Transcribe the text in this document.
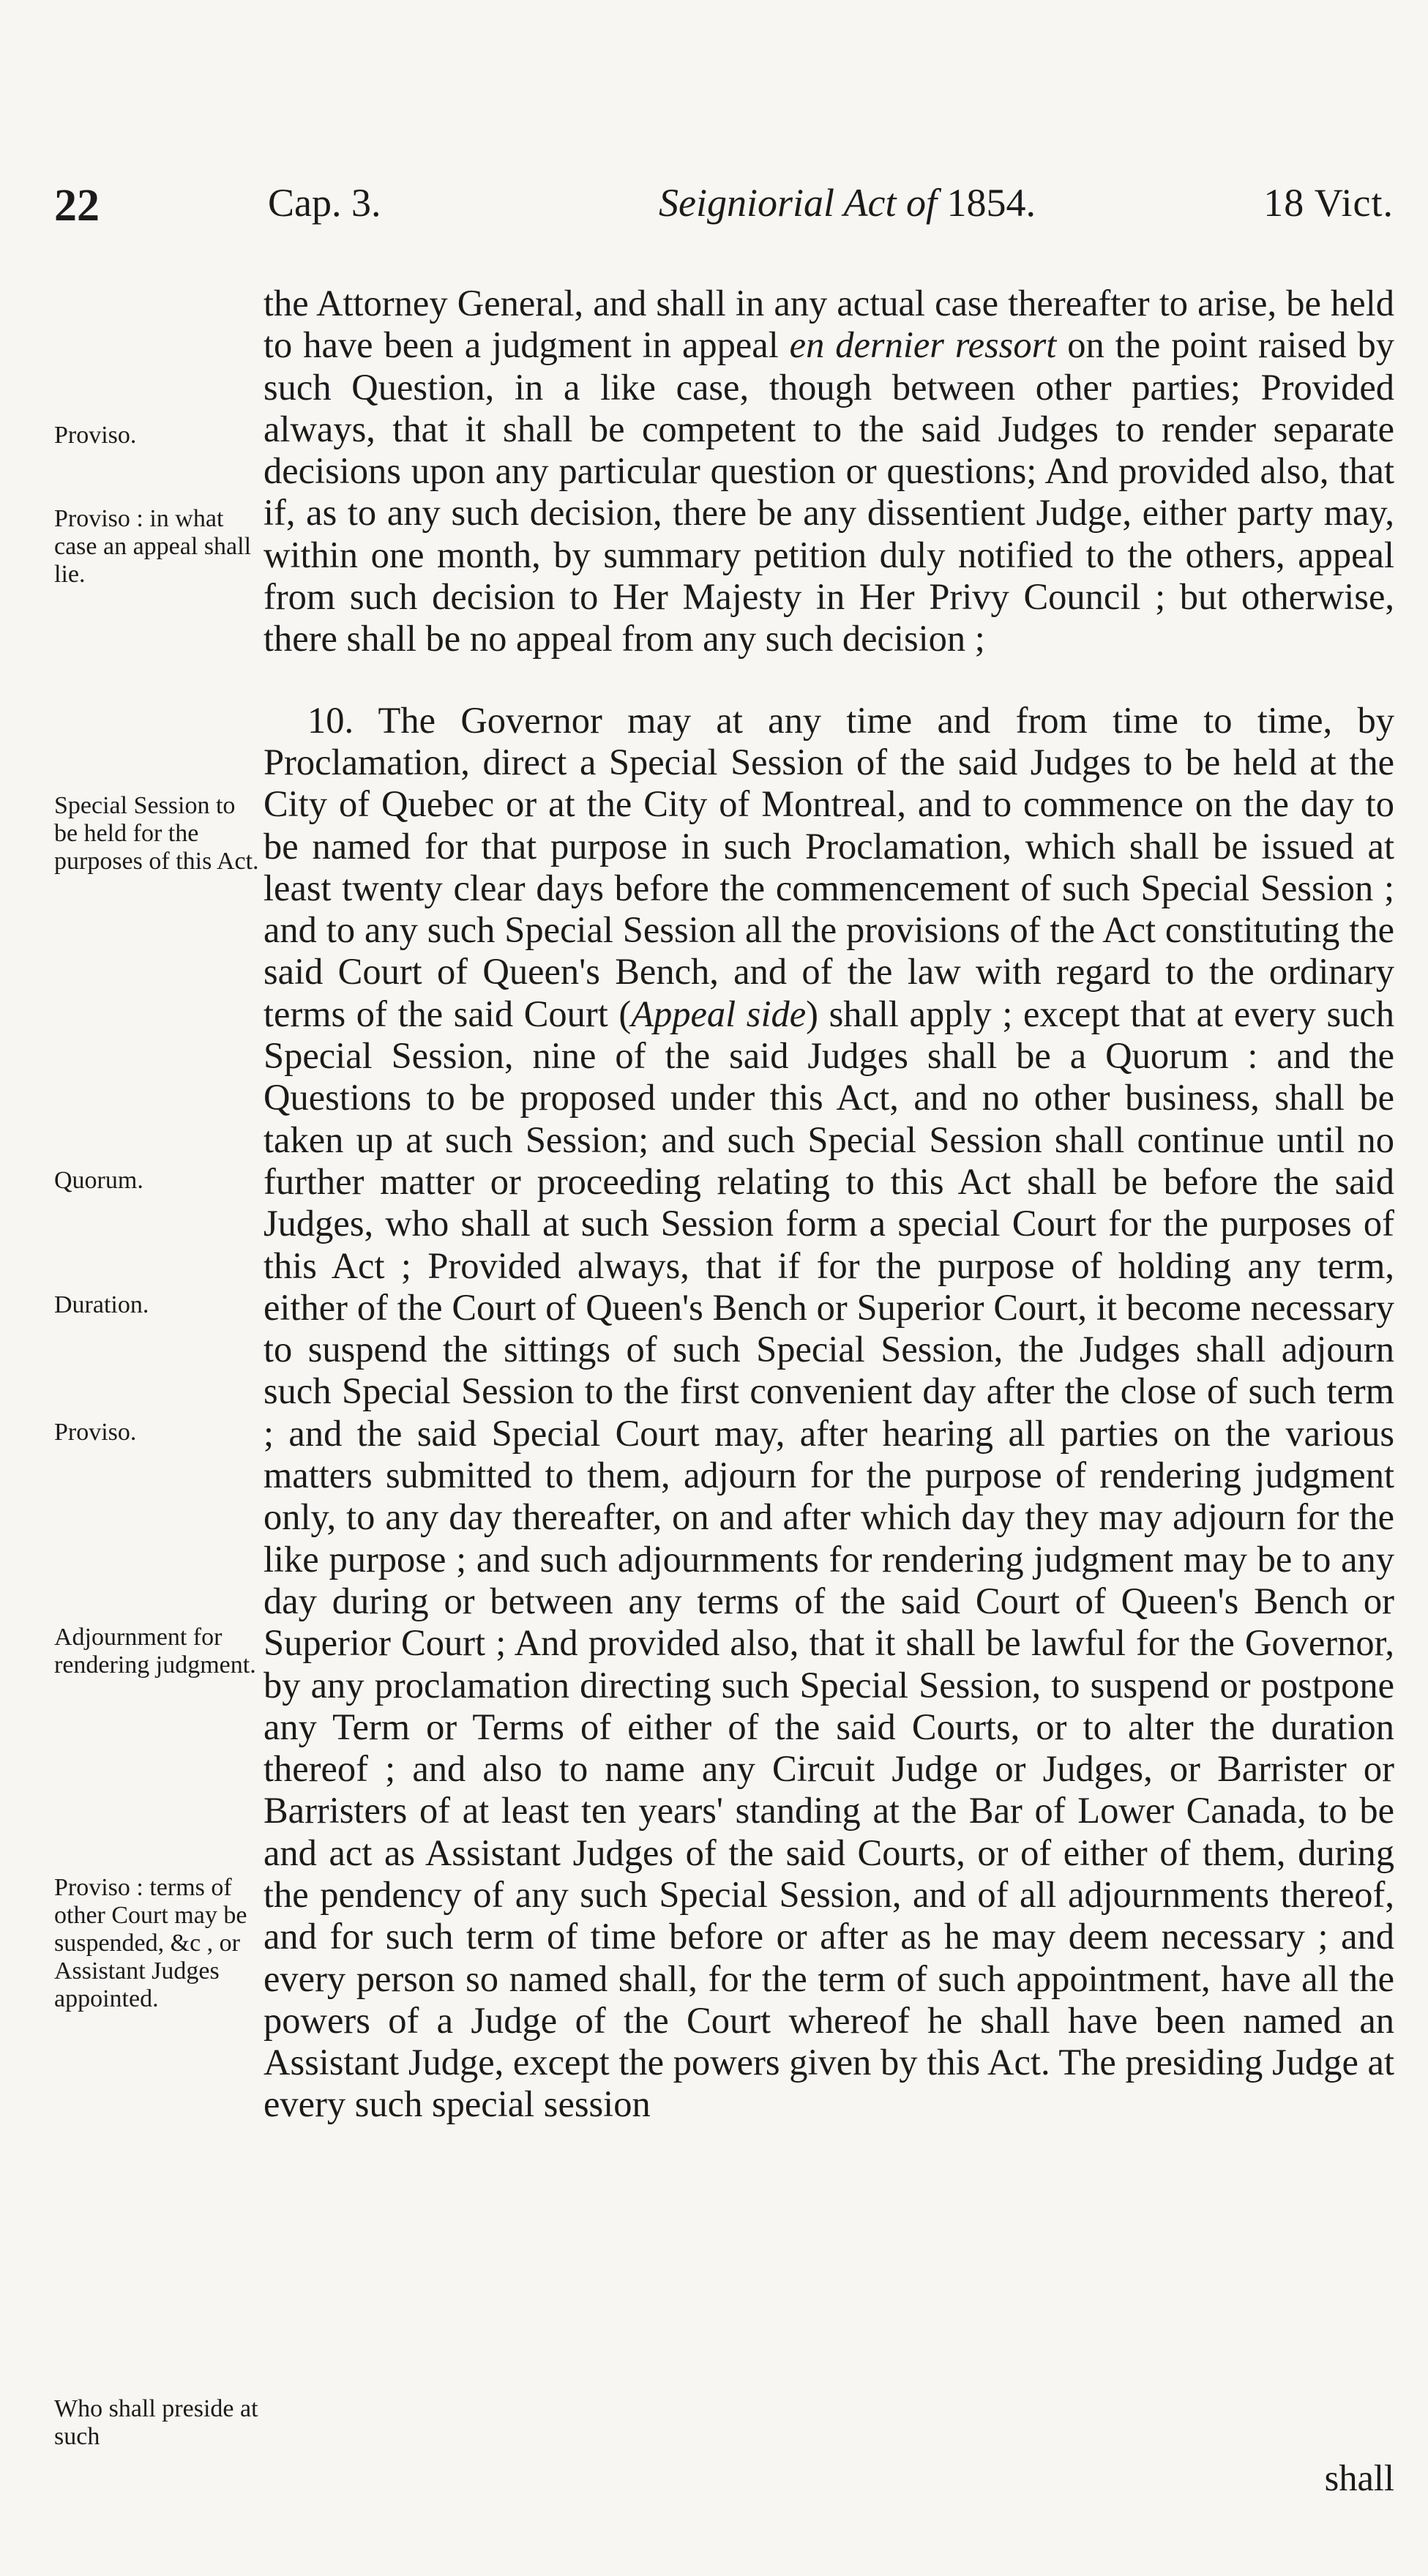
22	Cap. 3.	Seigniorial Act of 1854.	18 Vict.

the Attorney General, and shall in any actual case thereafter to arise, be held to have been a judgment in appeal en dernier ressort on the point raised by such Question, in a like case, though between other parties; Provided always, that it shall be competent to the said Judges to render separate decisions upon any particular question or questions; And provided also, that if, as to any such decision, there be any dissentient Judge, either party may, within one month, by summary petition duly notified to the others, appeal from such decision to Her Majesty in Her Privy Council ; but otherwise, there shall be no appeal from any such decision ;

10. The Governor may at any time and from time to time, by Proclamation, direct a Special Session of the said Judges to be held at the City of Quebec or at the City of Montreal, and to commence on the day to be named for that purpose in such Proclamation, which shall be issued at least twenty clear days before the commencement of such Special Session ; and to any such Special Session all the provisions of the Act constituting the said Court of Queen's Bench, and of the law with regard to the ordinary terms of the said Court (Appeal side) shall apply ; except that at every such Special Session, nine of the said Judges shall be a Quorum : and the Questions to be proposed under this Act, and no other business, shall be taken up at such Session; and such Special Session shall continue until no further matter or proceeding relating to this Act shall be before the said Judges, who shall at such Session form a special Court for the purposes of this Act ; Provided always, that if for the purpose of holding any term, either of the Court of Queen's Bench or Superior Court, it become necessary to suspend the sittings of such Special Session, the Judges shall adjourn such Special Session to the first convenient day after the close of such term ; and the said Special Court may, after hearing all parties on the various matters submitted to them, adjourn for the purpose of rendering judgment only, to any day thereafter, on and after which day they may adjourn for the like purpose ; and such adjournments for rendering judgment may be to any day during or between any terms of the said Court of Queen's Bench or Superior Court ; And provided also, that it shall be lawful for the Governor, by any proclamation directing such Special Session, to suspend or postpone any Term or Terms of either of the said Courts, or to alter the duration thereof ; and also to name any Circuit Judge or Judges, or Barrister or Barristers of at least ten years' standing at the Bar of Lower Canada, to be and act as Assistant Judges of the said Courts, or of either of them, during the pendency of any such Special Session, and of all adjournments thereof, and for such term of time before or after as he may deem necessary ; and every person so named shall, for the term of such appointment, have all the powers of a Judge of the Court whereof he shall have been named an Assistant Judge, except the powers given by this Act. The presiding Judge at every such special session

shall
Proviso.
Proviso : in what case an appeal shall lie.
Special Session to be held for the purposes of this Act.
Quorum.
Duration.
Proviso.
Adjournment for rendering judgment.
Proviso : terms of other Court may be suspended, &c , or Assistant Judges appointed.
Who shall preside at such
